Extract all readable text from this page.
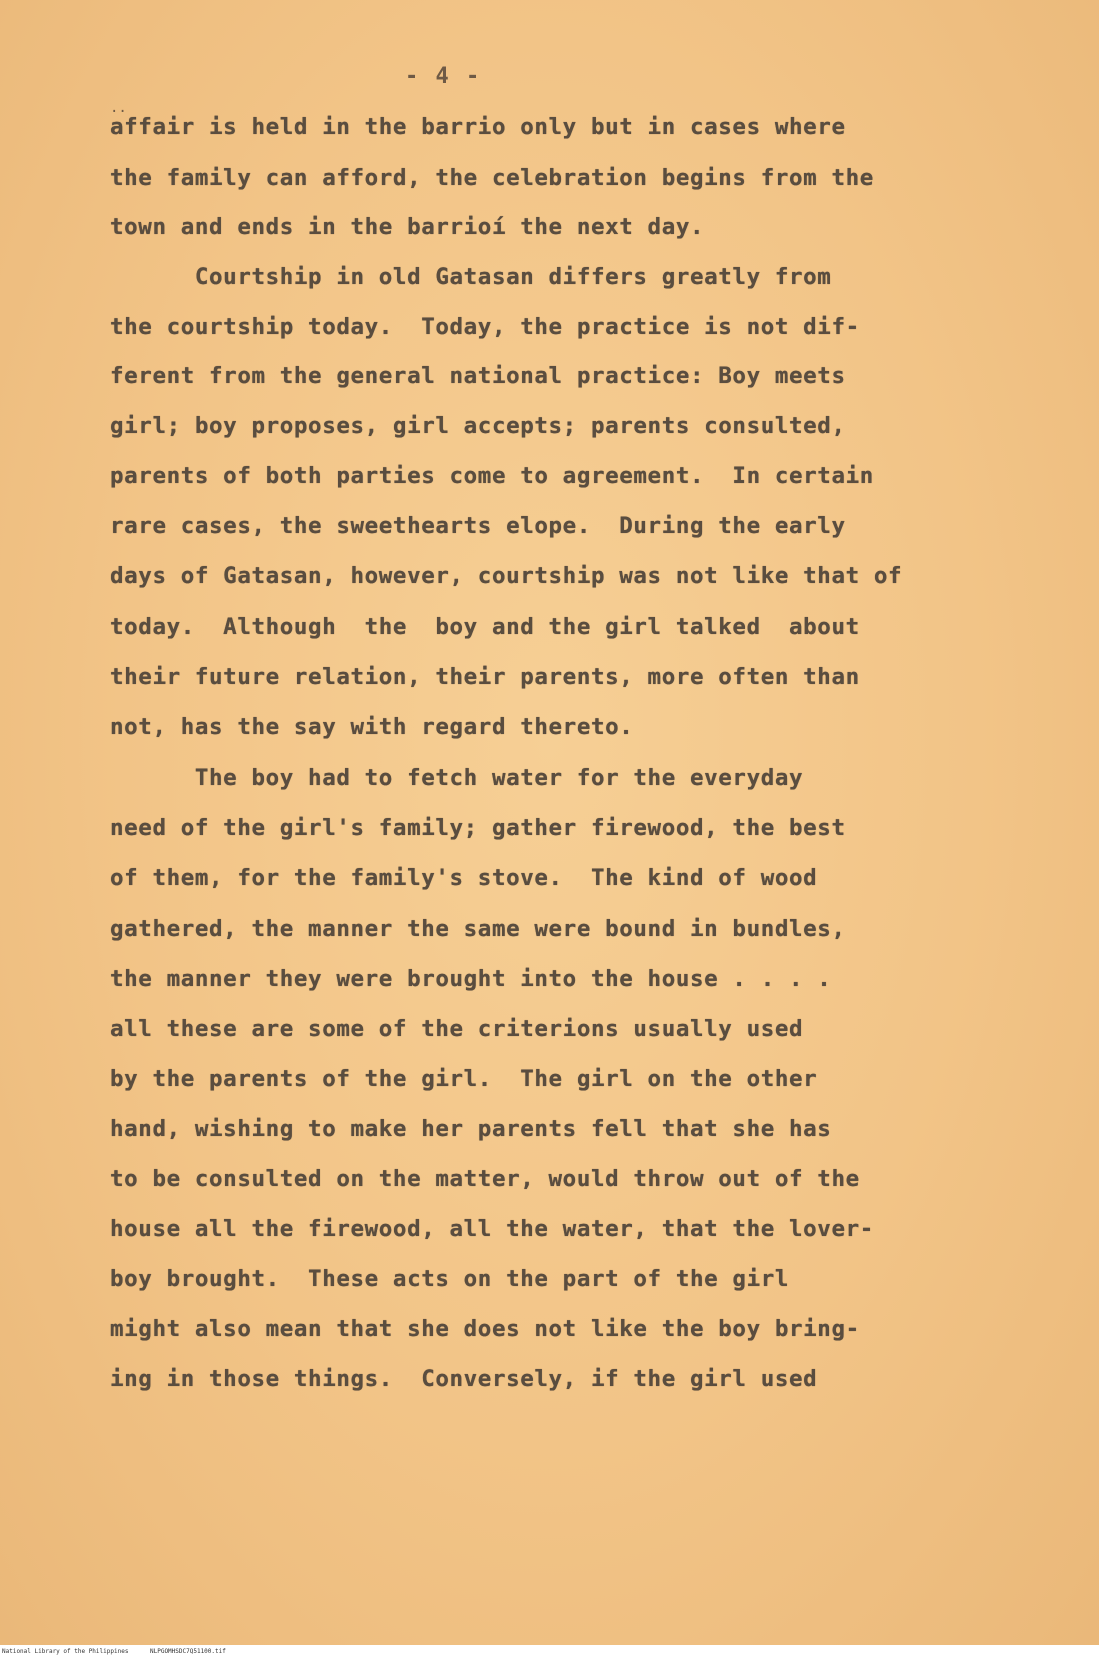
- 4 -
..
affair is held in the barrio only but in cases where
the family can afford, the celebration begins from the
town and ends in the barrioí the next day.
Courtship in old Gatasan differs greatly from
the courtship today.  Today, the practice is not dif-
ferent from the general national practice: Boy meets
girl; boy proposes, girl accepts; parents consulted,
parents of both parties come to agreement.  In certain
rare cases, the sweethearts elope.  During the early
days of Gatasan, however, courtship was not like that of
today.  Although  the  boy and the girl talked  about
their future relation, their parents, more often than
not, has the say with regard thereto.
The boy had to fetch water for the everyday
need of the girl's family; gather firewood, the best
of them, for the family's stove.  The kind of wood
gathered, the manner the same were bound in bundles,
the manner they were brought into the house . . . .
all these are some of the criterions usually used
by the parents of the girl.  The girl on the other
hand, wishing to make her parents fell that she has
to be consulted on the matter, would throw out of the
house all the firewood, all the water, that the lover-
boy brought.  These acts on the part of the girl
might also mean that she does not like the boy bring-
ing in those things.  Conversely, if the girl used
National Library of the Philippines	NLPGOMHSDC7Q51100.tif
